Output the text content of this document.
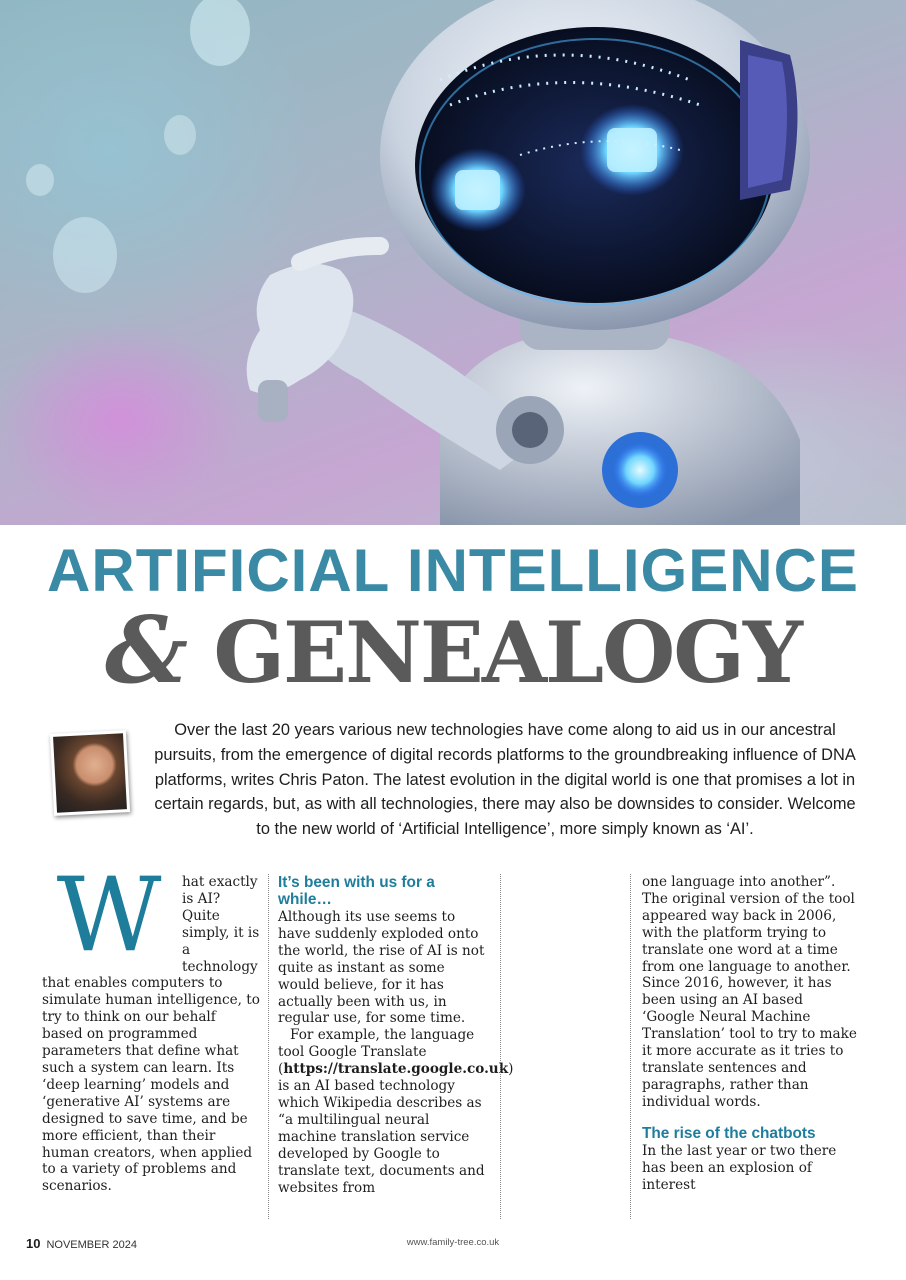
ARTIFICIAL INTELLIGENCE
& GENEALOGY
Over the last 20 years various new technologies have come along to aid us in our ancestral pursuits, from the emergence of digital records platforms to the groundbreaking influence of DNA platforms, writes Chris Paton. The latest evolution in the digital world is one that promises a lot in certain regards, but, as with all technologies, there may also be downsides to consider. Welcome to the new world of ‘Artificial Intelligence’, more simply known as ‘AI’.
W	hat exactly is AI? Quite simply, it is a technology that enables computers to simulate human intelligence, to try to think on our behalf based on programmed parameters that define what such a system can learn. Its ‘deep learning’ models and ‘generative AI’ systems are designed to save time, and be more efficient, than their human creators, when applied to a variety of problems and scenarios.

It’s been with us for a while…

Although its use seems to have suddenly exploded onto the world, the rise of AI is not quite as instant as some would believe, for it has actually been with us, in regular use, for some time.

For example, the language tool Google Translate (https://translate.google.co.uk) is an AI based technology which Wikipedia describes as “a multilingual neural machine translation service developed by Google to translate text, documents and websites from

one language into another”. The original version of the tool appeared way back in 2006, with the platform trying to translate one word at a time from one language to another. Since 2016, however, it has been using an AI based ‘Google Neural Machine Translation’ tool to try to make it more accurate as it tries to translate sentences and paragraphs, rather than individual words.

The rise of the chatbots

In the last year or two there has been an explosion of interest

10 NOVEMBER 2024	www.family-tree.co.uk
